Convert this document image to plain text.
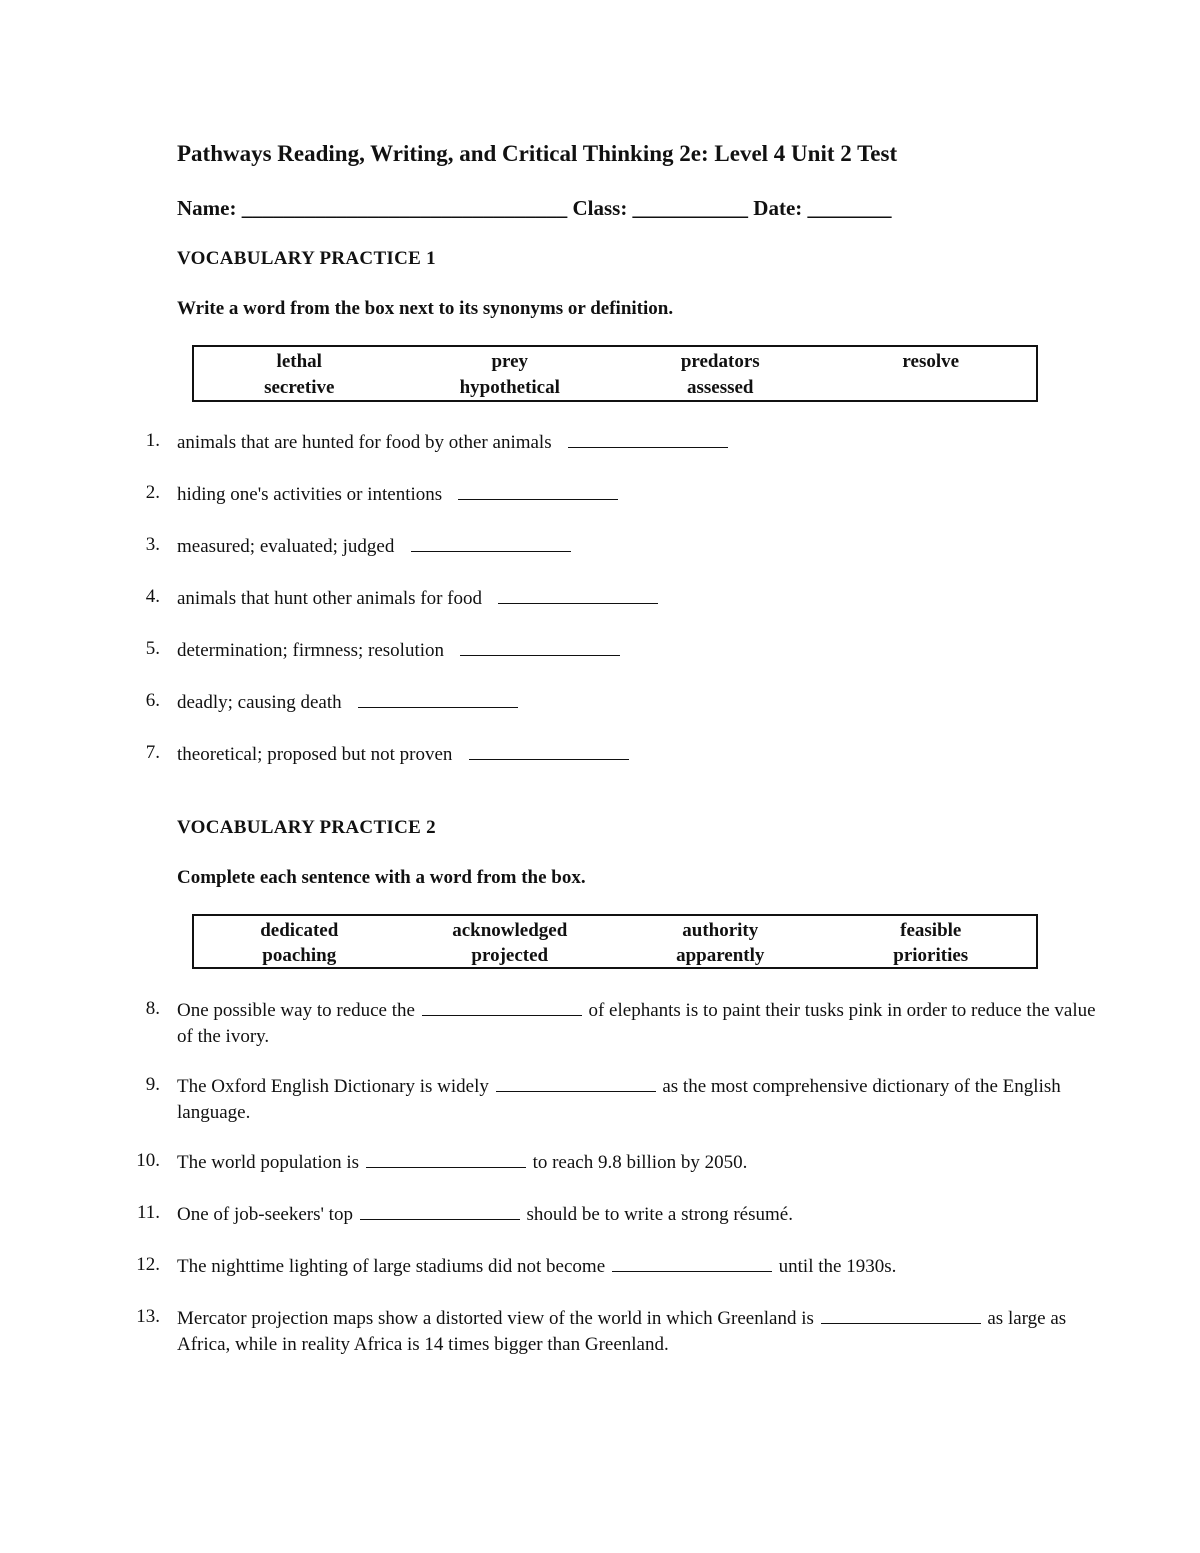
Pathways Reading, Writing, and Critical Thinking 2e: Level 4 Unit 2 Test
Name: _______________________________ Class: ___________ Date: ________
VOCABULARY PRACTICE 1
Write a word from the box next to its synonyms or definition.
lethal	prey	predators	resolve
secretive	hypothetical	assessed
1. animals that are hunted for food by other animals
2. hiding one's activities or intentions
3. measured; evaluated; judged
4. animals that hunt other animals for food
5. determination; firmness; resolution
6. deadly; causing death
7. theoretical; proposed but not proven
VOCABULARY PRACTICE 2
Complete each sentence with a word from the box.
dedicated	acknowledged	authority	feasible
poaching	projected	apparently	priorities
8. One possible way to reduce the	of elephants is to paint their tusks pink in order to reduce the value of the ivory.
9. The Oxford English Dictionary is widely	as the most comprehensive dictionary of the English language.
10. The world population is	to reach 9.8 billion by 2050.
11. One of job-seekers' top	should be to write a strong résumé.
12. The nighttime lighting of large stadiums did not become	until the 1930s.
13. Mercator projection maps show a distorted view of the world in which Greenland is	as large as Africa, while in reality Africa is 14 times bigger than Greenland.
